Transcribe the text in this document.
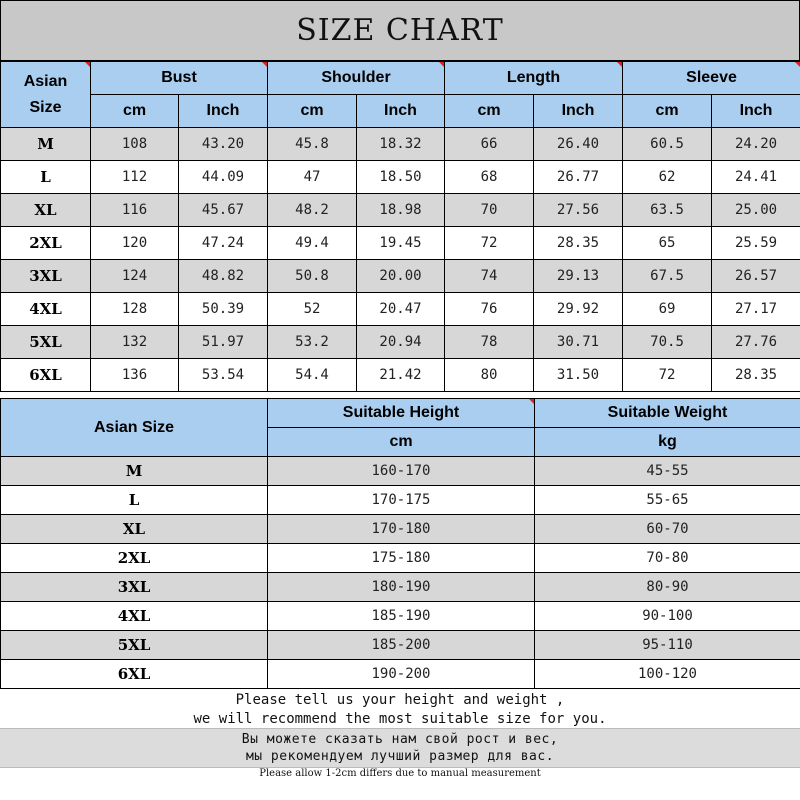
SIZE CHART
Asian Size	Bust		Shoulder		Length		Sleeve	
	cm	Inch	cm	Inch	cm	Inch	cm	Inch
M	108	43.20	45.8	18.32	66	26.40	60.5	24.20
L	112	44.09	47	18.50	68	26.77	62	24.41
XL	116	45.67	48.2	18.98	70	27.56	63.5	25.00
2XL	120	47.24	49.4	19.45	72	28.35	65	25.59
3XL	124	48.82	50.8	20.00	74	29.13	67.5	26.57
4XL	128	50.39	52	20.47	76	29.92	69	27.17
5XL	132	51.97	53.2	20.94	78	30.71	70.5	27.76
6XL	136	53.54	54.4	21.42	80	31.50	72	28.35
Asian Size	Suitable Height	Suitable Weight
	cm	kg
M	160-170	45-55
L	170-175	55-65
XL	170-180	60-70
2XL	175-180	70-80
3XL	180-190	80-90
4XL	185-190	90-100
5XL	185-200	95-110
6XL	190-200	100-120
Please tell us your height and weight ,
we will recommend the most suitable size for you.
Вы можете сказать нам свой рост и вес,
мы рекомендуем лучший размер для вас.
Please allow 1-2cm differs due to manual measurement
